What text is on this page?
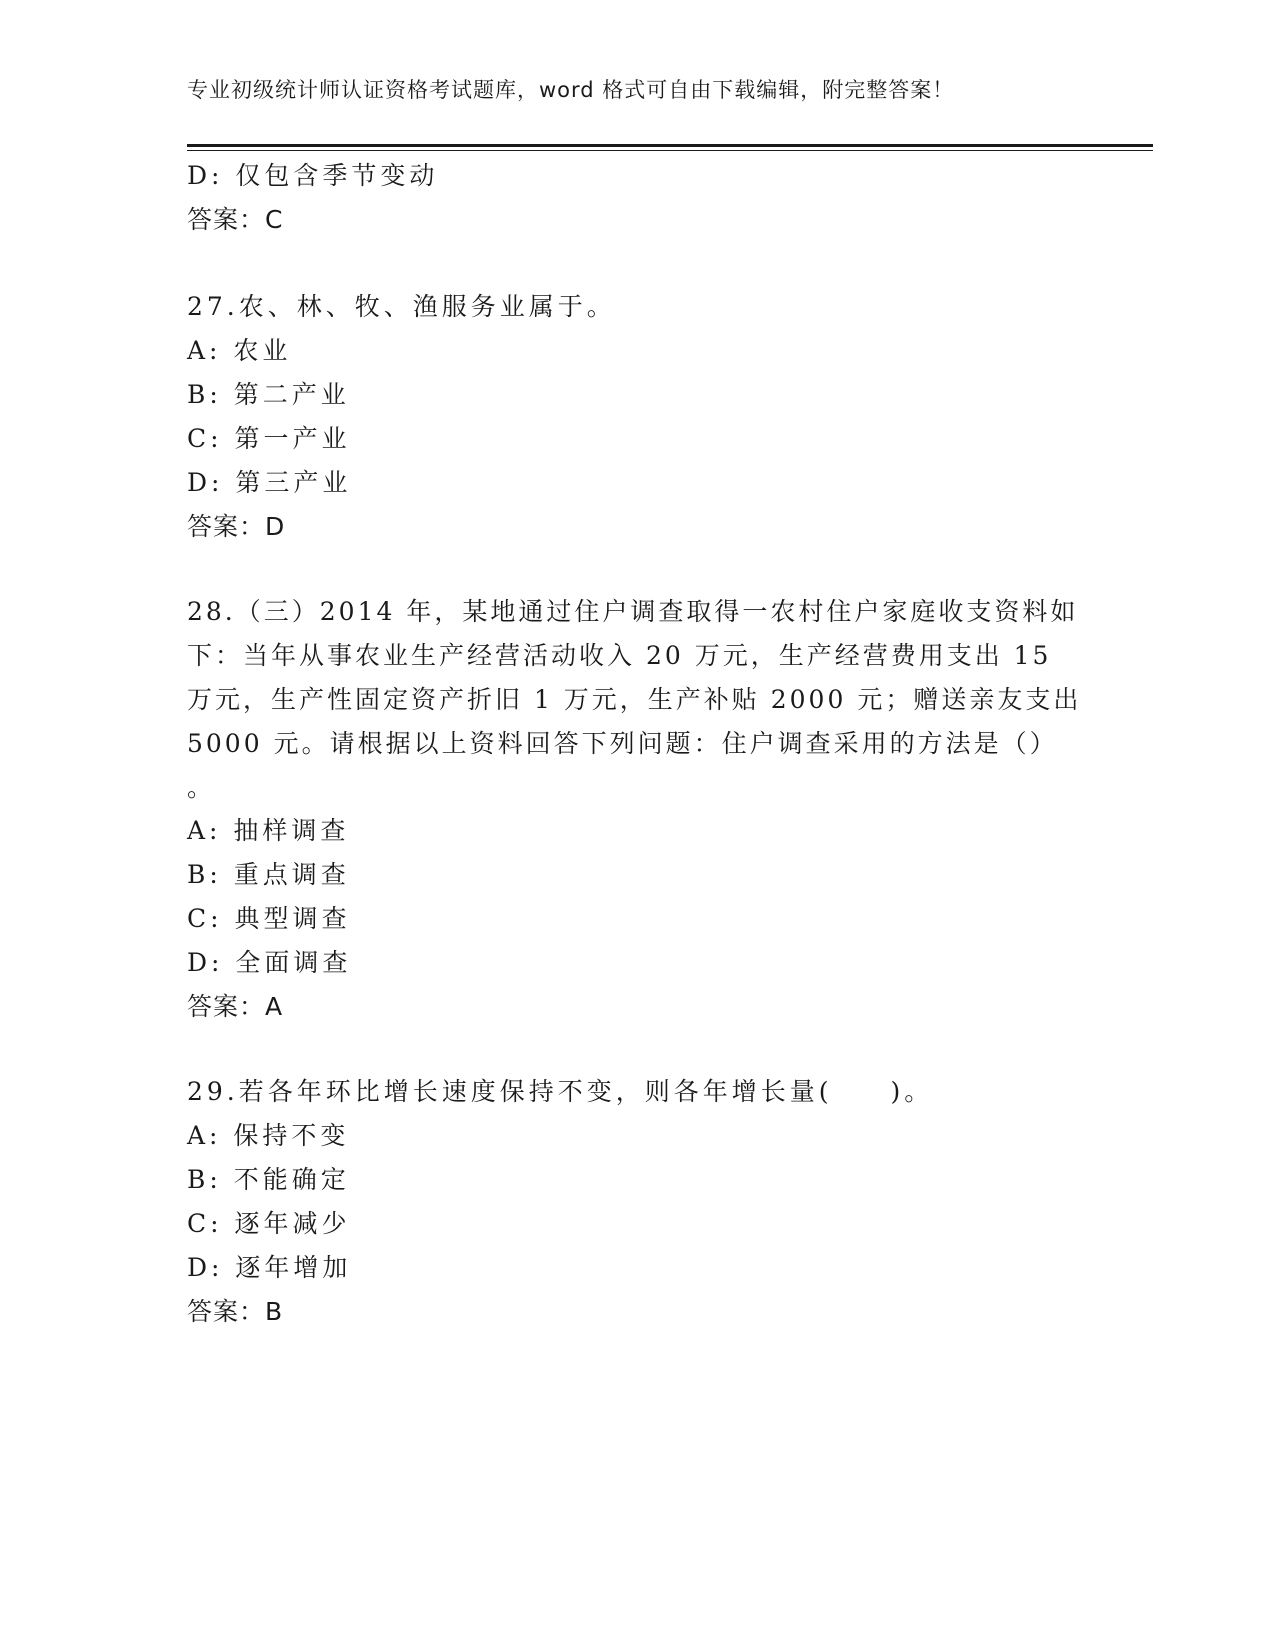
专业初级统计师认证资格考试题库，word 格式可自由下载编辑，附完整答案！
D: 仅包含季节变动
答案：C
27.农、林、牧、渔服务业属于。
A: 农业
B: 第二产业
C: 第一产业
D: 第三产业
答案：D
28.（三）2014 年，某地通过住户调查取得一农村住户家庭收支资料如
下：当年从事农业生产经营活动收入 20 万元，生产经营费用支出 15
万元，生产性固定资产折旧 1 万元，生产补贴 2000 元；赠送亲友支出
5000 元。请根据以上资料回答下列问题：住户调查采用的方法是（）
。
A: 抽样调查
B: 重点调查
C: 典型调查
D: 全面调查
答案：A
29.若各年环比增长速度保持不变，则各年增长量(　　)。
A: 保持不变
B: 不能确定
C: 逐年减少
D: 逐年增加
答案：B
